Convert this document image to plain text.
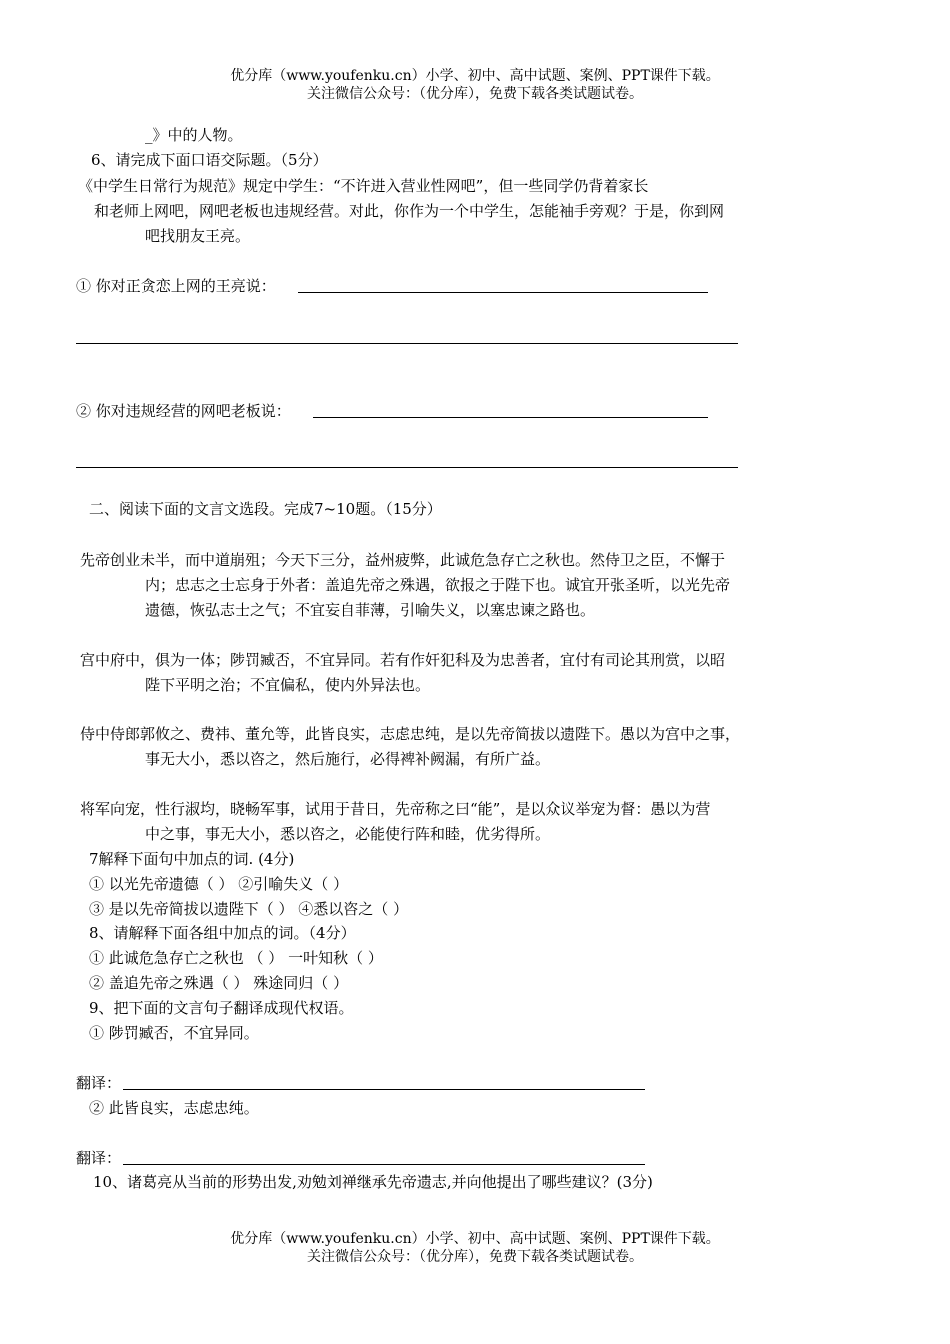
优分库（www.youfenku.cn）小学、初中、高中试题、案例、PPT课件下载。
关注微信公众号：（优分库），免费下载各类试题试卷。
_》中的人物。
6、请完成下面口语交际题。（5分）
《中学生日常行为规范》规定中学生：“不许进入营业性网吧”，但一些同学仍背着家长
和老师上网吧，网吧老板也违规经营。对此，你作为一个中学生，怎能袖手旁观？于是，你到网
吧找朋友王亮。
① 你对正贪恋上网的王亮说：
② 你对违规经营的网吧老板说：
二、阅读下面的文言文选段。完成7~10题。（15分）
先帝创业未半，而中道崩殂；今天下三分，益州疲弊，此诚危急存亡之秋也。然侍卫之臣，不懈于
内；忠志之士忘身于外者：盖追先帝之殊遇，欲报之于陛下也。诚宜开张圣听，以光先帝
遗德，恢弘志士之气；不宜妄自菲薄，引喻失义，以塞忠谏之路也。
宫中府中，俱为一体；陟罚臧否，不宜异同。若有作奸犯科及为忠善者，宜付有司论其刑赏，以昭
陛下平明之治；不宜偏私，使内外异法也。
侍中侍郎郭攸之、费祎、董允等，此皆良实，志虑忠纯，是以先帝简拔以遗陛下。愚以为宫中之事，
事无大小，悉以咨之，然后施行，必得裨补阙漏，有所广益。
将军向宠，性行淑均，晓畅军事，试用于昔日，先帝称之曰“能”，是以众议举宠为督：愚以为营
中之事，事无大小，悉以咨之，必能使行阵和睦，优劣得所。
7解释下面句中加点的词. (4分)
① 以光先帝遗德（ ） ②引喻失义（ ）
③ 是以先帝简拔以遗陛下（ ） ④悉以咨之（ ）
8、请解释下面各组中加点的词。（4分）
① 此诚危急存亡之秋也 （ ） 一叶知秋（ ）
② 盖追先帝之殊遇（ ） 殊途同归（ ）
9、把下面的文言句子翻译成现代权语。
① 陟罚臧否，不宜异同。
翻译：
② 此皆良实，志虑忠纯。
翻译：
10、诸葛亮从当前的形势出发,劝勉刘禅继承先帝遗志,并向他提出了哪些建议？(3分)
优分库（www.youfenku.cn）小学、初中、高中试题、案例、PPT课件下载。
关注微信公众号：（优分库），免费下载各类试题试卷。
